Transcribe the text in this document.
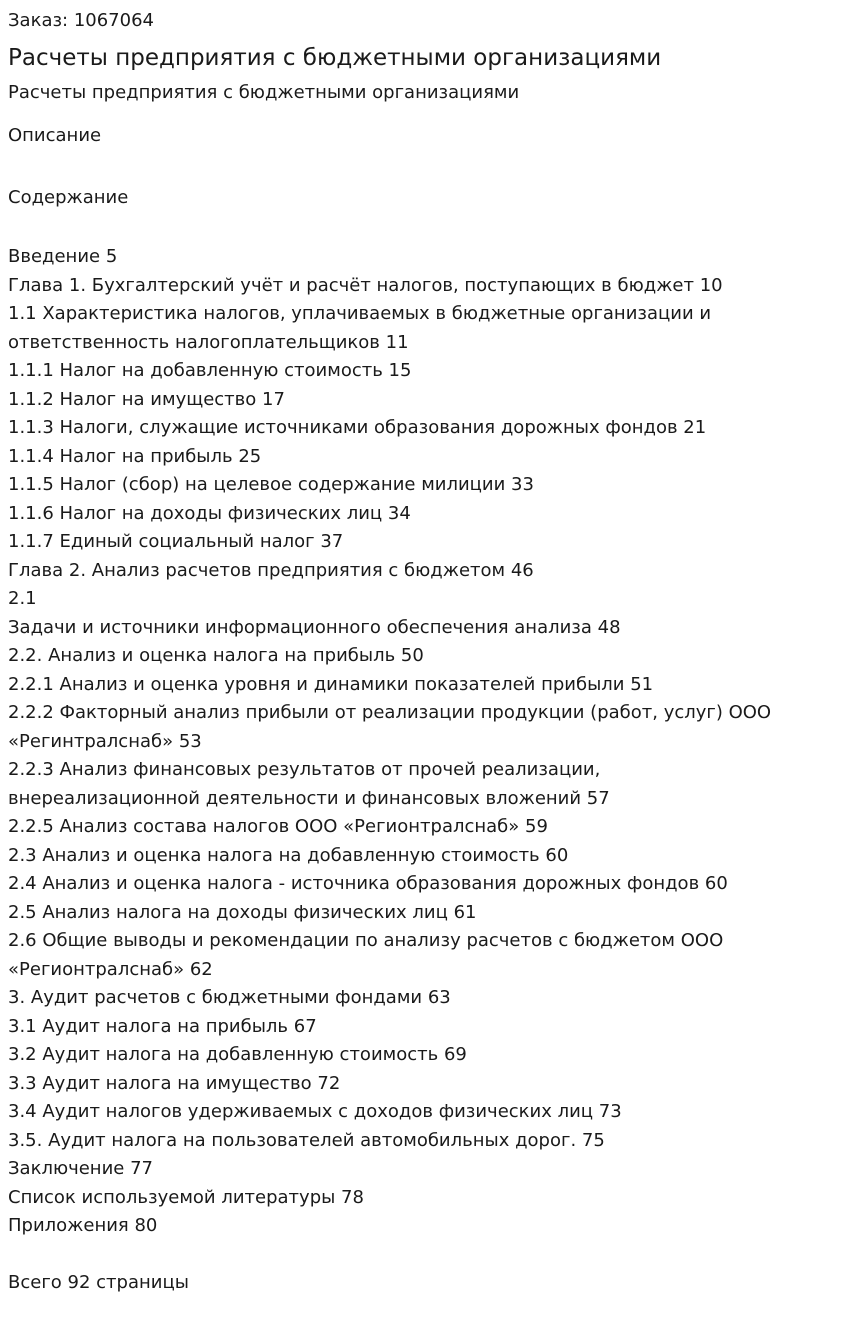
Заказ: 1067064

Расчеты предприятия с бюджетными организациями

Расчеты предприятия с бюджетными организациями

Описание

Содержание

Введение 5
Глава 1. Бухгалтерский учёт и расчёт налогов, поступающих в бюджет 10
1.1 Характеристика налогов, уплачиваемых в бюджетные организации и
ответственность налогоплательщиков 11
1.1.1 Налог на добавленную стоимость 15
1.1.2 Налог на имущество 17
1.1.3 Налоги, служащие источниками образования дорожных фондов 21
1.1.4 Налог на прибыль 25
1.1.5 Налог (сбор) на целевое содержание милиции 33
1.1.6 Налог на доходы физических лиц 34
1.1.7 Единый социальный налог 37
Глава 2. Анализ расчетов предприятия с бюджетом 46
2.1
Задачи и источники информационного обеспечения анализа 48
2.2. Анализ и оценка налога на прибыль 50
2.2.1 Анализ и оценка уровня и динамики показателей прибыли 51
2.2.2 Факторный анализ прибыли от реализации продукции (работ, услуг) ООО
«Регинтралснаб» 53
2.2.3 Анализ финансовых результатов от прочей реализации,
внереализационной деятельности и финансовых вложений 57
2.2.5 Анализ состава налогов ООО «Регионтралснаб» 59
2.3 Анализ и оценка налога на добавленную стоимость 60
2.4 Анализ и оценка налога - источника образования дорожных фондов 60
2.5 Анализ налога на доходы физических лиц 61
2.6 Общие выводы и рекомендации по анализу расчетов с бюджетом ООО
«Регионтралснаб» 62
3. Аудит расчетов с бюджетными фондами 63
3.1 Аудит налога на прибыль 67
3.2 Аудит налога на добавленную стоимость 69
3.3 Аудит налога на имущество 72
3.4 Аудит налогов удерживаемых с доходов физических лиц 73
3.5. Аудит налога на пользователей автомобильных дорог. 75
Заключение 77
Список используемой литературы 78
Приложения 80

Всего 92 страницы
